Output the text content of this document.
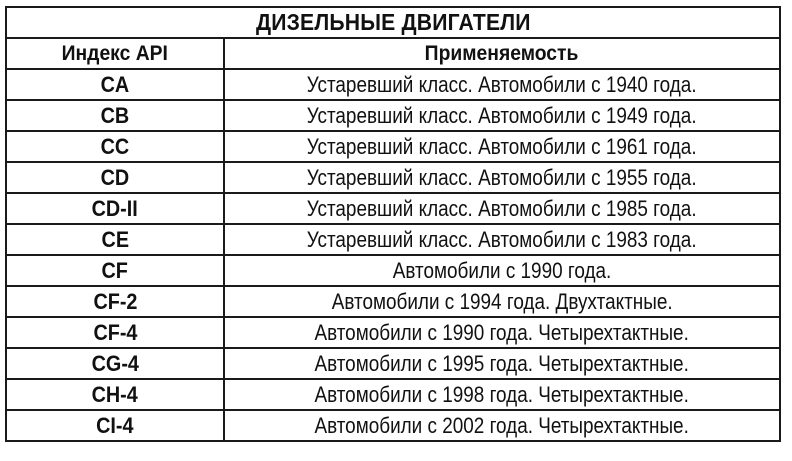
ДИЗЕЛЬНЫЕ ДВИГАТЕЛИ	
Индекс API	Применяемость
CA	Устаревший класс. Автомобили с 1940 года.
CB	Устаревший класс. Автомобили с 1949 года.
CC	Устаревший класс. Автомобили с 1961 года.
CD	Устаревший класс. Автомобили с 1955 года.
CD-II	Устаревший класс. Автомобили с 1985 года.
CE	Устаревший класс. Автомобили с 1983 года.
CF	Автомобили с 1990 года.
CF-2	Автомобили с 1994 года. Двухтактные.
CF-4	Автомобили с 1990 года. Четырехтактные.
CG-4	Автомобили с 1995 года. Четырехтактные.
CH-4	Автомобили с 1998 года. Четырехтактные.
CI-4	Автомобили с 2002 года. Четырехтактные.
